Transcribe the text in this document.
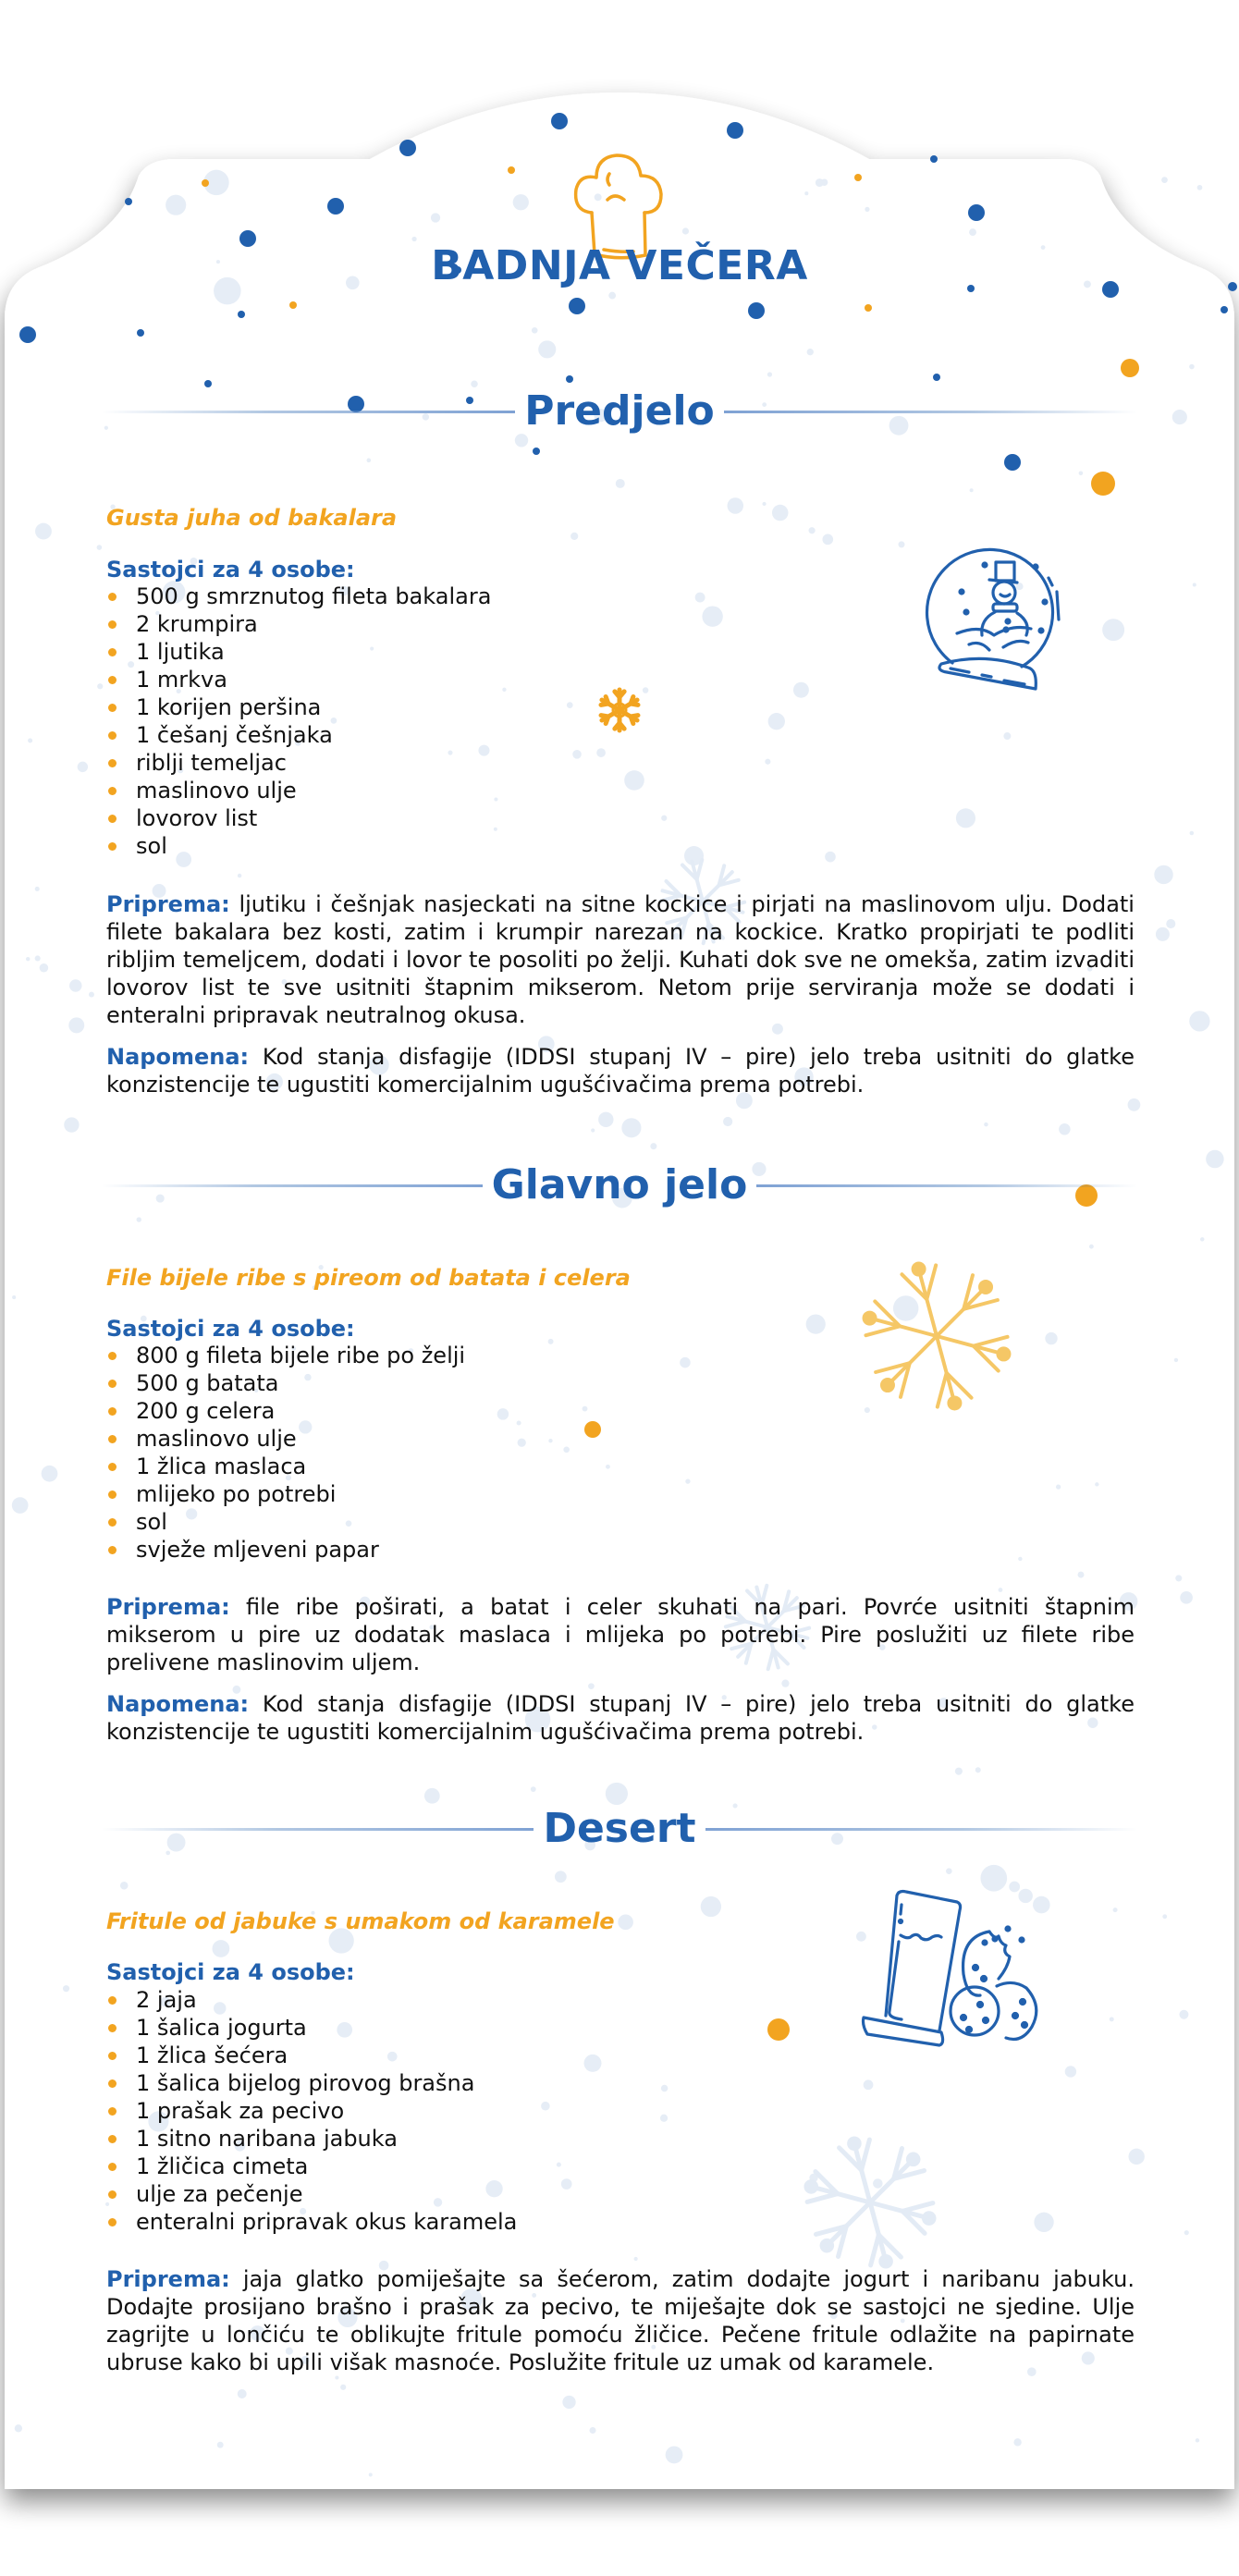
BADNJA VEČERA
Predjelo
Gusta juha od bakalara
Sastojci za 4 osobe:
500 g smrznutog fileta bakalara
2 krumpira
1 ljutika
1 mrkva
1 korijen peršina
1 češanj češnjaka
riblji temeljac
maslinovo ulje
lovorov list
sol
Priprema: ljutiku i češnjak nasjeckati na sitne kockice i pirjati na maslinovom ulju. Dodati filete bakalara bez kosti, zatim i krumpir narezan na kockice. Kratko propirjati te podliti ribljim temeljcem, dodati i lovor te posoliti po želji. Kuhati dok sve ne omekša, zatim izvaditi lovorov list te sve usitniti štapnim mikserom. Netom prije serviranja može se dodati i enteralni pripravak neutralnog okusa.
Napomena: Kod stanja disfagije (IDDSI stupanj IV – pire) jelo treba usitniti do glatke konzistencije te ugustiti komercijalnim ugušćivačima prema potrebi.
Glavno jelo
File bijele ribe s pireom od batata i celera
Sastojci za 4 osobe:
800 g fileta bijele ribe po želji
500 g batata
200 g celera
maslinovo ulje
1 žlica maslaca
mlijeko po potrebi
sol
svježe mljeveni papar
Priprema: file ribe poširati, a batat i celer skuhati na pari. Povrće usitniti štapnim mikserom u pire uz dodatak maslaca i mlijeka po potrebi. Pire poslužiti uz filete ribe prelivene maslinovim uljem.
Napomena: Kod stanja disfagije (IDDSI stupanj IV – pire) jelo treba usitniti do glatke konzistencije te ugustiti komercijalnim ugušćivačima prema potrebi.
Desert
Fritule od jabuke s umakom od karamele
Sastojci za 4 osobe:
2 jaja
1 šalica jogurta
1 žlica šećera
1 šalica bijelog pirovog brašna
1 prašak za pecivo
1 sitno naribana jabuka
1 žličica cimeta
ulje za pečenje
enteralni pripravak okus karamela
Priprema: jaja glatko pomiješajte sa šećerom, zatim dodajte jogurt i naribanu jabuku. Dodajte prosijano brašno i prašak za pecivo, te miješajte dok se sastojci ne sjedine. Ulje zagrijte u lončiću te oblikujte fritule pomoću žličice. Pečene fritule odlažite na papirnate ubruse kako bi upili višak masnoće. Poslužite fritule uz umak od karamele.
